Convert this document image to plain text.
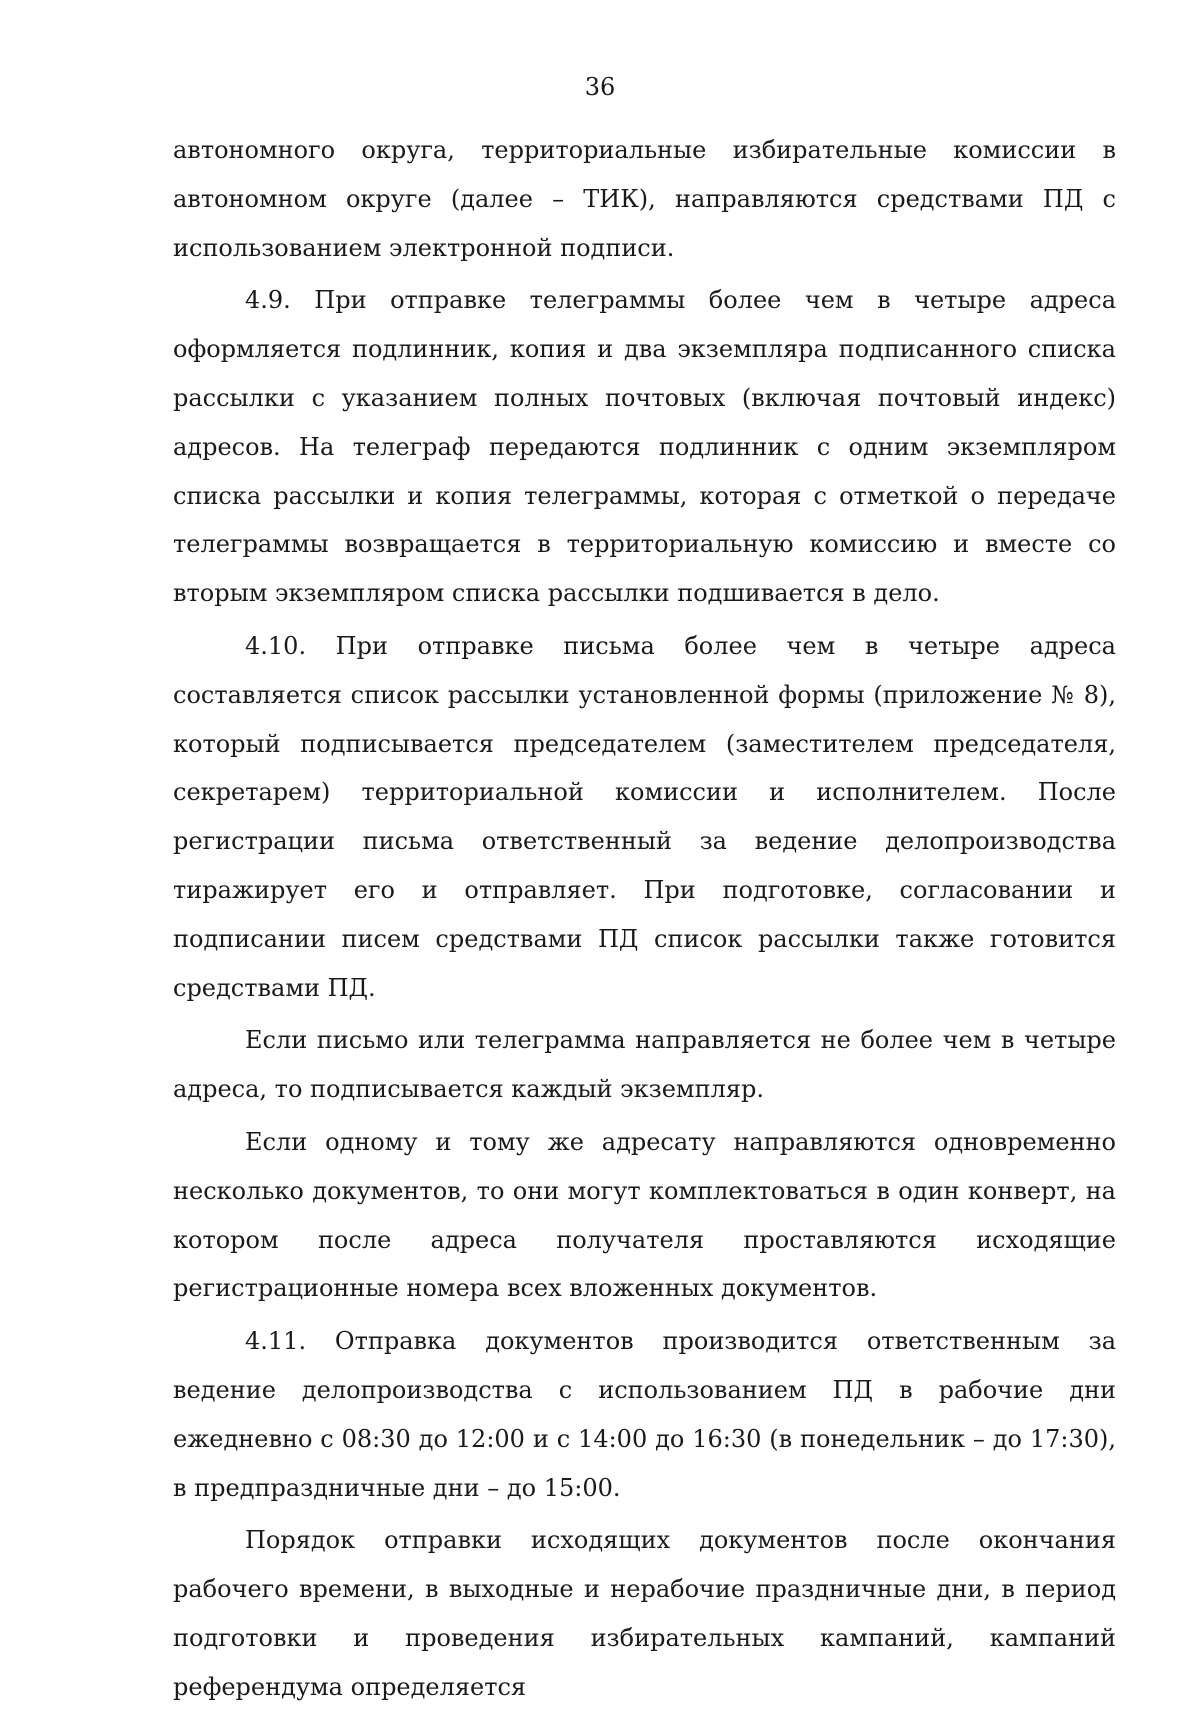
36

автономного округа, территориальные избирательные комиссии в автономном округе (далее – ТИК), направляются средствами ПД с использованием электронной подписи.

4.9. При отправке телеграммы более чем в четыре адреса оформляется подлинник, копия и два экземпляра подписанного списка рассылки с указанием полных почтовых (включая почтовый индекс) адресов. На телеграф передаются подлинник с одним экземпляром списка рассылки и копия телеграммы, которая с отметкой о передаче телеграммы возвращается в территориальную комиссию и вместе со вторым экземпляром списка рассылки подшивается в дело.

4.10. При отправке письма более чем в четыре адреса составляется список рассылки установленной формы (приложение № 8), который подписывается председателем (заместителем председателя, секретарем) территориальной комиссии и исполнителем. После регистрации письма ответственный за ведение делопроизводства тиражирует его и отправляет. При подготовке, согласовании и подписании писем средствами ПД список рассылки также готовится средствами ПД.

Если письмо или телеграмма направляется не более чем в четыре адреса, то подписывается каждый экземпляр.

Если одному и тому же адресату направляются одновременно несколько документов, то они могут комплектоваться в один конверт, на котором после адреса получателя проставляются исходящие регистрационные номера всех вложенных документов.

4.11. Отправка документов производится ответственным за ведение делопроизводства с использованием ПД в рабочие дни ежедневно с 08:30 до 12:00 и с 14:00 до 16:30 (в понедельник – до 17:30), в предпраздничные дни – до 15:00.

Порядок отправки исходящих документов после окончания рабочего времени, в выходные и нерабочие праздничные дни, в период подготовки и проведения избирательных кампаний, кампаний референдума определяется
